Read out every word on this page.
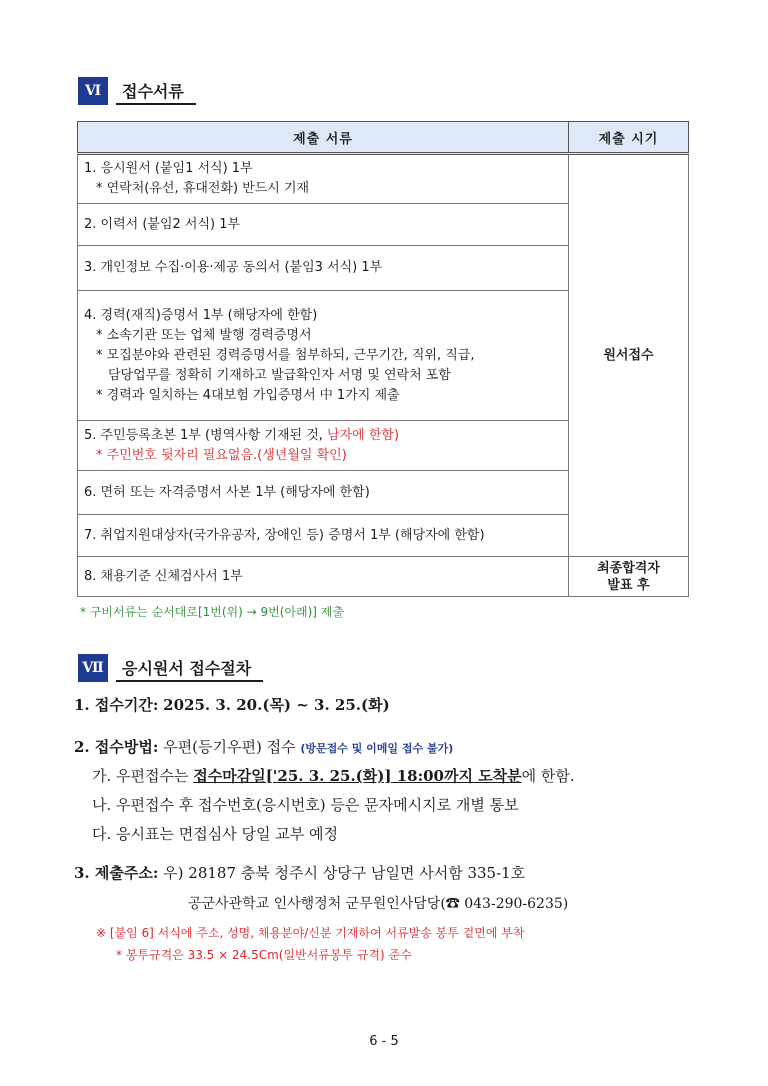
Ⅵ	접수서류
제출 서류	제출 시기

1. 응시원서 (붙임1 서식) 1부
* 연락처(유선, 휴대전화) 반드시 기재	원서접수

2. 이력서 (붙임2 서식) 1부	

3. 개인정보 수집·이용·제공 동의서 (붙임3 서식) 1부	

4. 경력(재직)증명서 1부 (해당자에 한함)
* 소속기관 또는 업체 발행 경력증명서
* 모집분야와 관련된 경력증명서를 첨부하되, 근무기간, 직위, 직급,
담당업무를 정확히 기재하고 발급확인자 서명 및 연락처 포함
* 경력과 일치하는 4대보험 가입증명서 中 1가지 제출	

5. 주민등록초본 1부 (병역사항 기재된 것, 남자에 한함)
* 주민번호 뒷자리 필요없음.(생년월일 확인)	

6. 면허 또는 자격증명서 사본 1부 (해당자에 한함)	

7. 취업지원대상자(국가유공자, 장애인 등) 증명서 1부 (해당자에 한함)	

8. 채용기준 신체검사서 1부	최종합격자
발표 후
* 구비서류는 순서대로[1번(위) → 9번(아래)] 제출
Ⅶ	응시원서 접수절차
1. 접수기간: 2025. 3. 20.(목) ~ 3. 25.(화)
2. 접수방법: 우편(등기우편) 접수 (방문접수 및 이메일 접수 불가)
가. 우편접수는 접수마감일['25. 3. 25.(화)] 18:00까지 도착분에 한함.
나. 우편접수 후 접수번호(응시번호) 등은 문자메시지로 개별 통보
다. 응시표는 면접심사 당일 교부 예정
3. 제출주소: 우) 28187 충북 청주시 상당구 남일면 사서함 335-1호
공군사관학교 인사행정처 군무원인사담당(☎ 043-290-6235)
※ [붙임 6] 서식에 주소, 성명, 채용분야/신분 기재하여 서류발송 봉투 겉면에 부착
* 봉투규격은 33.5 × 24.5Cm(일반서류봉투 규격) 준수
6 - 5
